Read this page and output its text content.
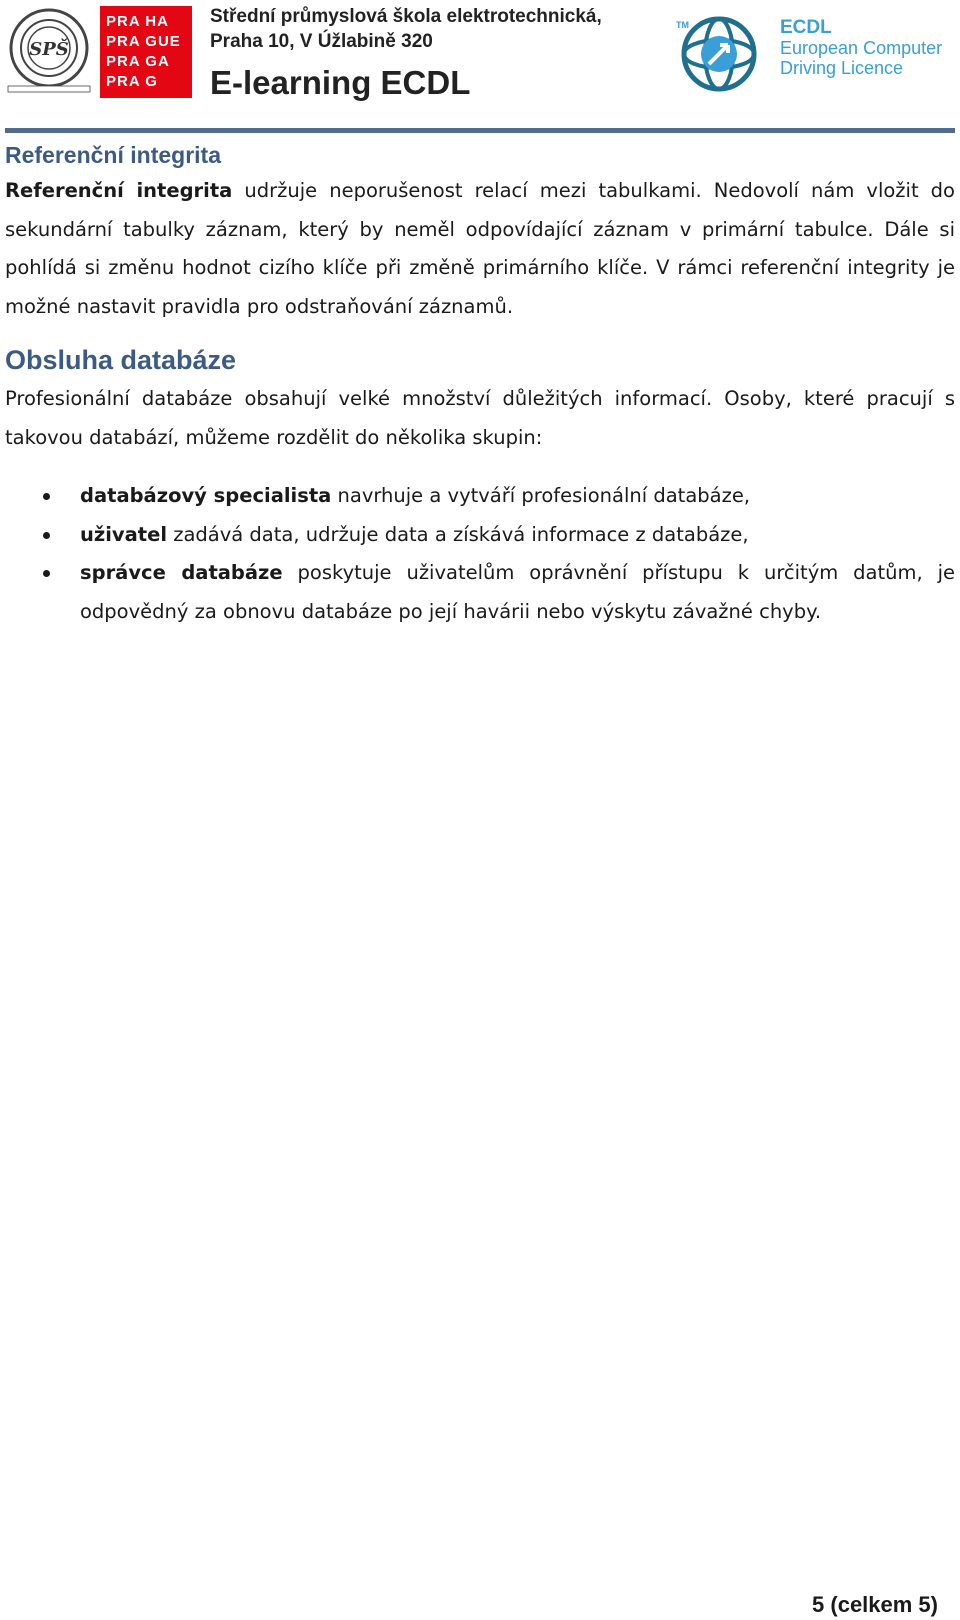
SPŠ
PRA HA
PRA GUE
PRA GA
PRA G
Střední průmyslová škola elektrotechnická,
Praha 10, V Úžlabině 320
E-learning ECDL
TM	ECDL
European Computer
Driving Licence
Referenční integrita

Referenční integrita udržuje neporušenost relací mezi tabulkami. Nedovolí nám vložit do sekundární tabulky záznam, který by neměl odpovídající záznam v primární tabulce. Dále si pohlídá si změnu hodnot cizího klíče při změně primárního klíče. V rámci referenční integrity je možné nastavit pravidla pro odstraňování záznamů.

Obsluha databáze

Profesionální databáze obsahují velké množství důležitých informací. Osoby, které pracují s takovou databází, můžeme rozdělit do několika skupin:

databázový specialista navrhuje a vytváří profesionální databáze,
uživatel zadává data, udržuje data a získává informace z databáze,
správce databáze poskytuje uživatelům oprávnění přístupu k určitým datům, je odpovědný za obnovu databáze po její havárii nebo výskytu závažné chyby.
5 (celkem 5)
